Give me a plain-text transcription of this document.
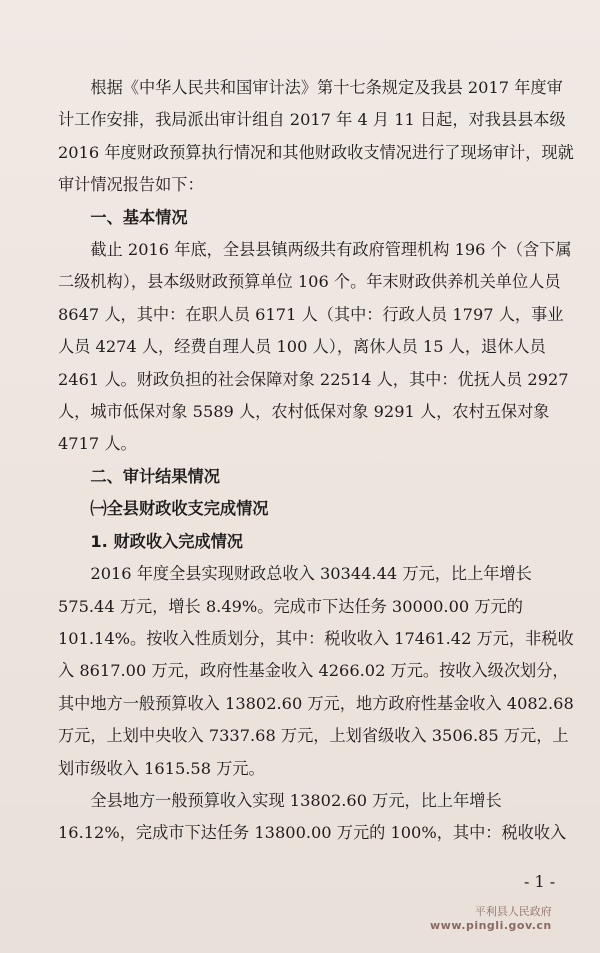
根据《中华人民共和国审计法》第十七条规定及我县 2017 年度审计工作安排，我局派出审计组自 2017 年 4 月 11 日起，对我县县本级 2016 年度财政预算执行情况和其他财政收支情况进行了现场审计，现就审计情况报告如下：

一、基本情况

截止 2016 年底，全县县镇两级共有政府管理机构 196 个（含下属二级机构），县本级财政预算单位 106 个。年末财政供养机关单位人员 8647 人，其中：在职人员 6171 人（其中：行政人员 1797 人，事业人员 4274 人，经费自理人员 100 人），离休人员 15 人，退休人员 2461 人。财政负担的社会保障对象 22514 人，其中：优抚人员 2927 人，城市低保对象 5589 人，农村低保对象 9291 人，农村五保对象 4717 人。

二、审计结果情况

㈠全县财政收支完成情况

1. 财政收入完成情况

2016 年度全县实现财政总收入 30344.44 万元，比上年增长 575.44 万元，增长 8.49%。完成市下达任务 30000.00 万元的 101.14%。按收入性质划分，其中：税收收入 17461.42 万元，非税收入 8617.00 万元，政府性基金收入 4266.02 万元。按收入级次划分，其中地方一般预算收入 13802.60 万元，地方政府性基金收入 4082.68 万元，上划中央收入 7337.68 万元，上划省级收入 3506.85 万元，上划市级收入 1615.58 万元。

全县地方一般预算收入实现 13802.60 万元，比上年增长 16.12%，完成市下达任务 13800.00 万元的 100%，其中：税收收入

- 1 -
平利县人民政府
www.pingli.gov.cn
